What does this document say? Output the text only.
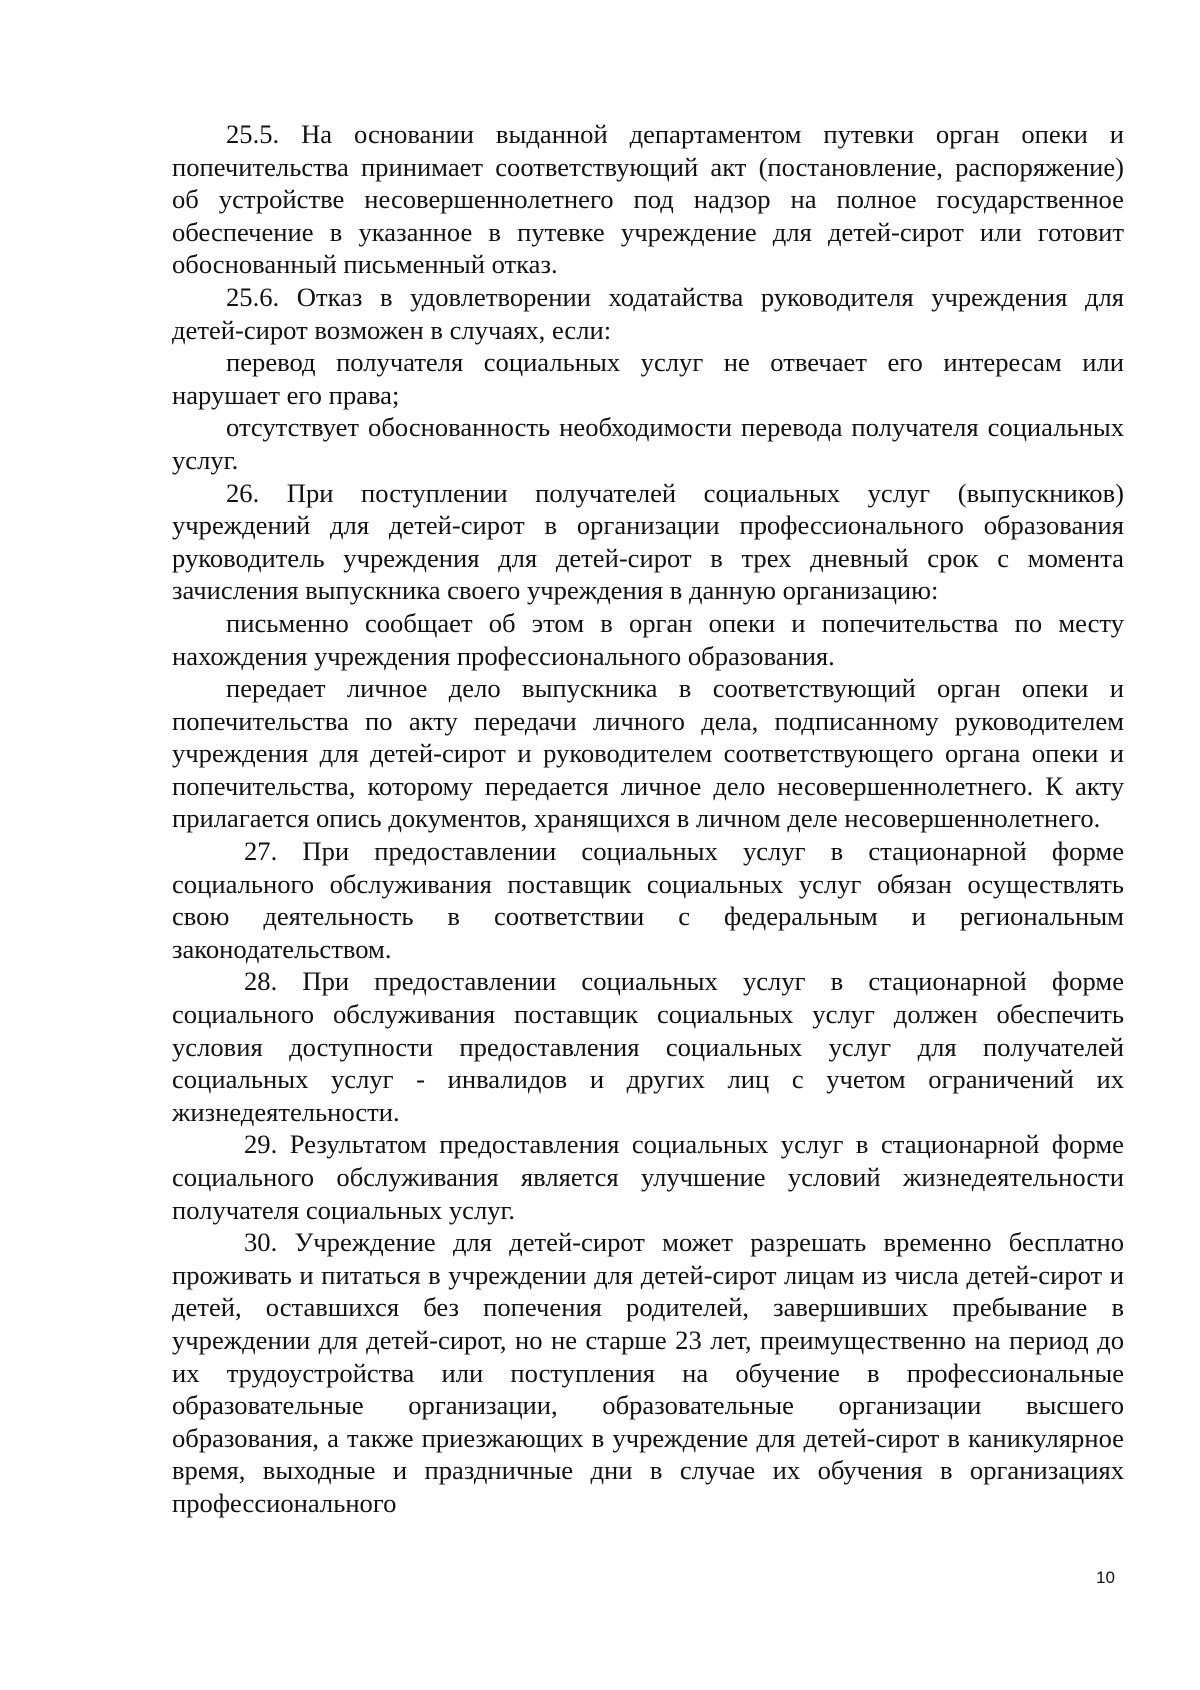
25.5. На основании выданной департаментом путевки орган опеки и попечительства принимает соответствующий акт (постановление, распоряжение) об устройстве несовершеннолетнего под надзор на полное государственное обеспечение в указанное в путевке учреждение для детей-сирот или готовит обоснованный письменный отказ.

25.6. Отказ в удовлетворении ходатайства руководителя учреждения для детей-сирот возможен в случаях, если:

перевод получателя социальных услуг не отвечает его интересам или нарушает его права;

отсутствует обоснованность необходимости перевода получателя социальных услуг.

26. При поступлении получателей социальных услуг (выпускников) учреждений для детей-сирот в организации профессионального образования руководитель учреждения для детей-сирот в трех дневный срок с момента зачисления выпускника своего учреждения в данную организацию:

письменно сообщает об этом в орган опеки и попечительства по месту нахождения учреждения профессионального образования.

передает личное дело выпускника в соответствующий орган опеки и попечительства по акту передачи личного дела, подписанному руководителем учреждения для детей-сирот и руководителем соответствующего органа опеки и попечительства, которому передается личное дело несовершеннолетнего. К акту прилагается опись документов, хранящихся в личном деле несовершеннолетнего.

27. При предоставлении социальных услуг в стационарной форме социального обслуживания поставщик социальных услуг обязан осуществлять свою деятельность в соответствии с федеральным и региональным законодательством.

28. При предоставлении социальных услуг в стационарной форме социального обслуживания поставщик социальных услуг должен обеспечить условия доступности предоставления социальных услуг для получателей социальных услуг - инвалидов и других лиц с учетом ограничений их жизнедеятельности.

29. Результатом предоставления социальных услуг в стационарной форме социального обслуживания является улучшение условий жизнедеятельности получателя социальных услуг.

30. Учреждение для детей-сирот может разрешать временно бесплатно проживать и питаться в учреждении для детей-сирот лицам из числа детей-сирот и детей, оставшихся без попечения родителей, завершивших пребывание в учреждении для детей-сирот, но не старше 23 лет, преимущественно на период до их трудоустройства или поступления на обучение в профессиональные образовательные организации, образовательные организации высшего образования, а также приезжающих в учреждение для детей-сирот в каникулярное время, выходные и праздничные дни в случае их обучения в организациях профессионального

10
